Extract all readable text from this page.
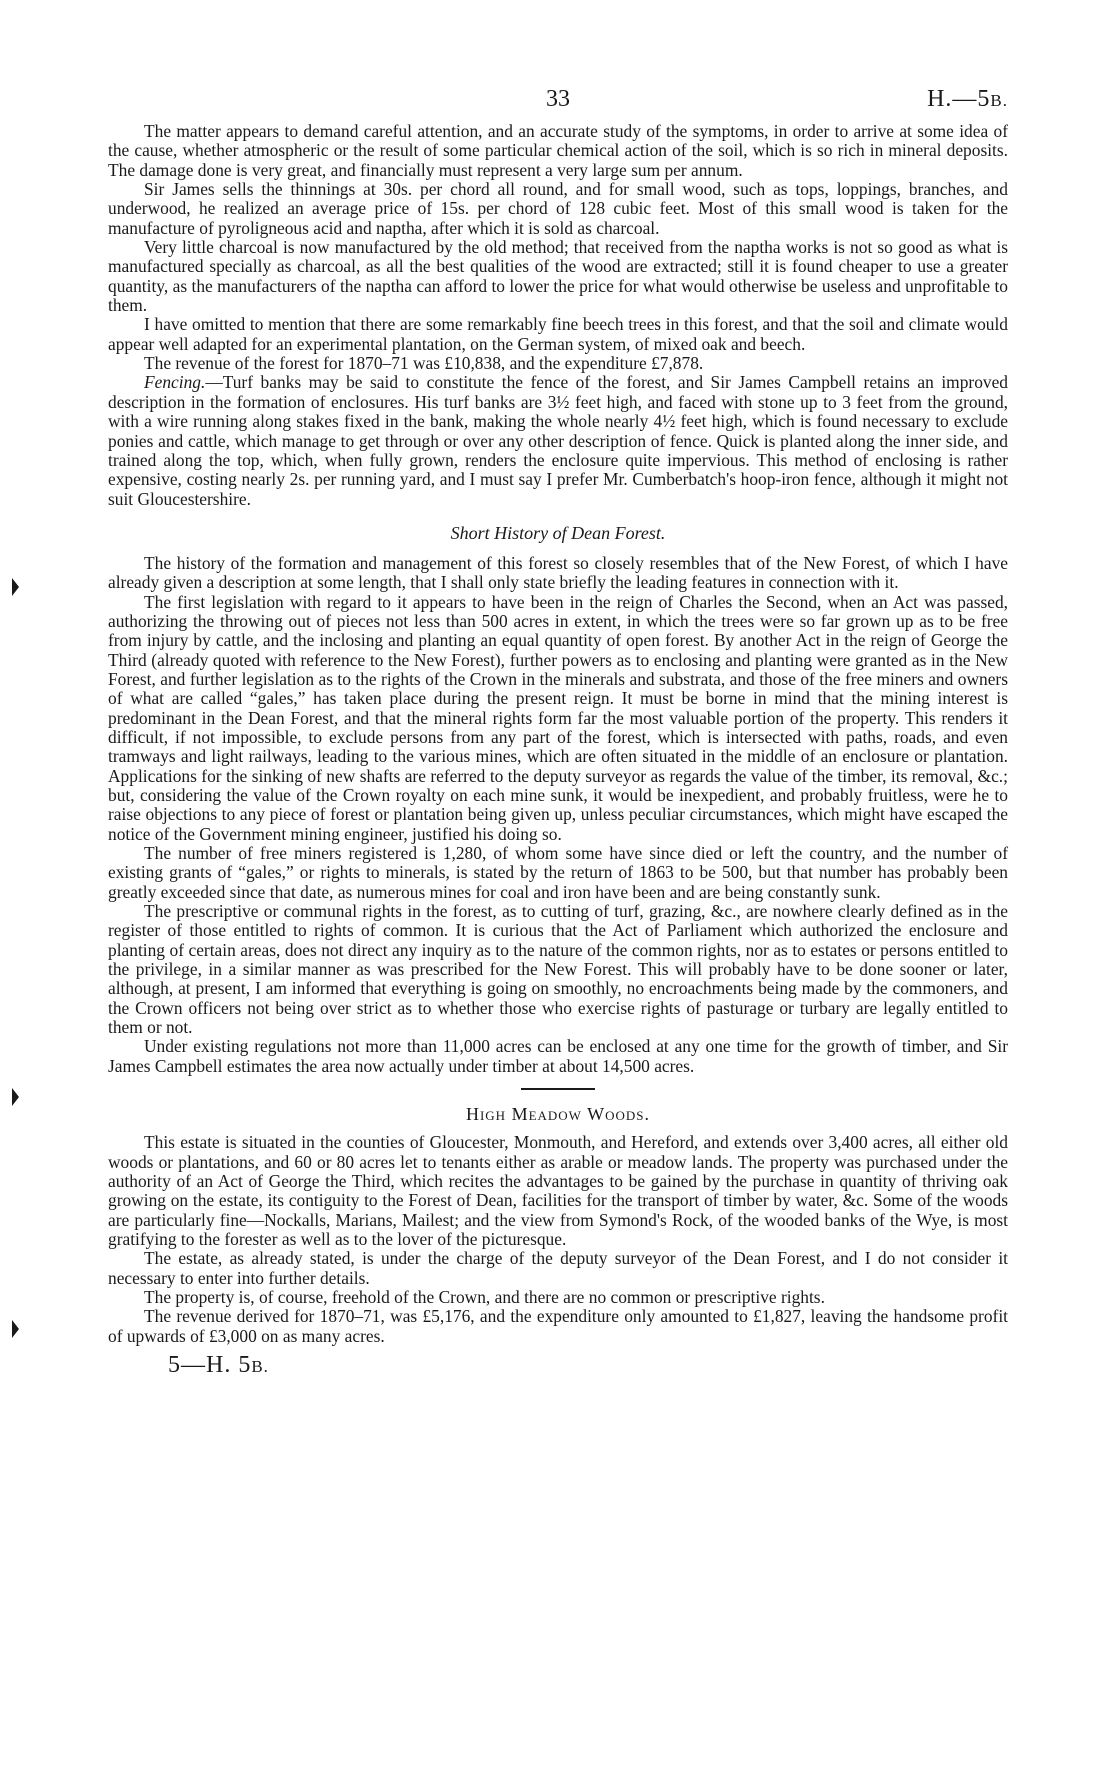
33	H.—5B.

The matter appears to demand careful attention, and an accurate study of the symptoms, in order to arrive at some idea of the cause, whether atmospheric or the result of some particular chemical action of the soil, which is so rich in mineral deposits. The damage done is very great, and financially must represent a very large sum per annum.

Sir James sells the thinnings at 30s. per chord all round, and for small wood, such as tops, loppings, branches, and underwood, he realized an average price of 15s. per chord of 128 cubic feet. Most of this small wood is taken for the manufacture of pyroligneous acid and naptha, after which it is sold as charcoal.

Very little charcoal is now manufactured by the old method; that received from the naptha works is not so good as what is manufactured specially as charcoal, as all the best qualities of the wood are extracted; still it is found cheaper to use a greater quantity, as the manufacturers of the naptha can afford to lower the price for what would otherwise be useless and unprofitable to them.

I have omitted to mention that there are some remarkably fine beech trees in this forest, and that the soil and climate would appear well adapted for an experimental plantation, on the German system, of mixed oak and beech.

The revenue of the forest for 1870–71 was £10,838, and the expenditure £7,878.

Fencing.—Turf banks may be said to constitute the fence of the forest, and Sir James Campbell retains an improved description in the formation of enclosures. His turf banks are 3½ feet high, and faced with stone up to 3 feet from the ground, with a wire running along stakes fixed in the bank, making the whole nearly 4½ feet high, which is found necessary to exclude ponies and cattle, which manage to get through or over any other description of fence. Quick is planted along the inner side, and trained along the top, which, when fully grown, renders the enclosure quite impervious. This method of enclosing is rather expensive, costing nearly 2s. per running yard, and I must say I prefer Mr. Cumberbatch's hoop-iron fence, although it might not suit Gloucestershire.

Short History of Dean Forest.

The history of the formation and management of this forest so closely resembles that of the New Forest, of which I have already given a description at some length, that I shall only state briefly the leading features in connection with it.

The first legislation with regard to it appears to have been in the reign of Charles the Second, when an Act was passed, authorizing the throwing out of pieces not less than 500 acres in extent, in which the trees were so far grown up as to be free from injury by cattle, and the inclosing and planting an equal quantity of open forest. By another Act in the reign of George the Third (already quoted with reference to the New Forest), further powers as to enclosing and planting were granted as in the New Forest, and further legislation as to the rights of the Crown in the minerals and substrata, and those of the free miners and owners of what are called “gales,” has taken place during the present reign. It must be borne in mind that the mining interest is predominant in the Dean Forest, and that the mineral rights form far the most valuable portion of the property. This renders it difficult, if not impossible, to exclude persons from any part of the forest, which is intersected with paths, roads, and even tramways and light railways, leading to the various mines, which are often situated in the middle of an enclosure or plantation. Applications for the sinking of new shafts are referred to the deputy surveyor as regards the value of the timber, its removal, &c.; but, considering the value of the Crown royalty on each mine sunk, it would be inexpedient, and probably fruitless, were he to raise objections to any piece of forest or plantation being given up, unless peculiar circumstances, which might have escaped the notice of the Government mining engineer, justified his doing so.

The number of free miners registered is 1,280, of whom some have since died or left the country, and the number of existing grants of “gales,” or rights to minerals, is stated by the return of 1863 to be 500, but that number has probably been greatly exceeded since that date, as numerous mines for coal and iron have been and are being constantly sunk.

The prescriptive or communal rights in the forest, as to cutting of turf, grazing, &c., are nowhere clearly defined as in the register of those entitled to rights of common. It is curious that the Act of Parliament which authorized the enclosure and planting of certain areas, does not direct any inquiry as to the nature of the common rights, nor as to estates or persons entitled to the privilege, in a similar manner as was prescribed for the New Forest. This will probably have to be done sooner or later, although, at present, I am informed that everything is going on smoothly, no encroachments being made by the commoners, and the Crown officers not being over strict as to whether those who exercise rights of pasturage or turbary are legally entitled to them or not.

Under existing regulations not more than 11,000 acres can be enclosed at any one time for the growth of timber, and Sir James Campbell estimates the area now actually under timber at about 14,500 acres.

High Meadow Woods.

This estate is situated in the counties of Gloucester, Monmouth, and Hereford, and extends over 3,400 acres, all either old woods or plantations, and 60 or 80 acres let to tenants either as arable or meadow lands. The property was purchased under the authority of an Act of George the Third, which recites the advantages to be gained by the purchase in quantity of thriving oak growing on the estate, its contiguity to the Forest of Dean, facilities for the transport of timber by water, &c. Some of the woods are particularly fine—Nockalls, Marians, Mailest; and the view from Symond's Rock, of the wooded banks of the Wye, is most gratifying to the forester as well as to the lover of the picturesque.

The estate, as already stated, is under the charge of the deputy surveyor of the Dean Forest, and I do not consider it necessary to enter into further details.

The property is, of course, freehold of the Crown, and there are no common or prescriptive rights.

The revenue derived for 1870–71, was £5,176, and the expenditure only amounted to £1,827, leaving the handsome profit of upwards of £3,000 on as many acres.

5—H. 5B.
